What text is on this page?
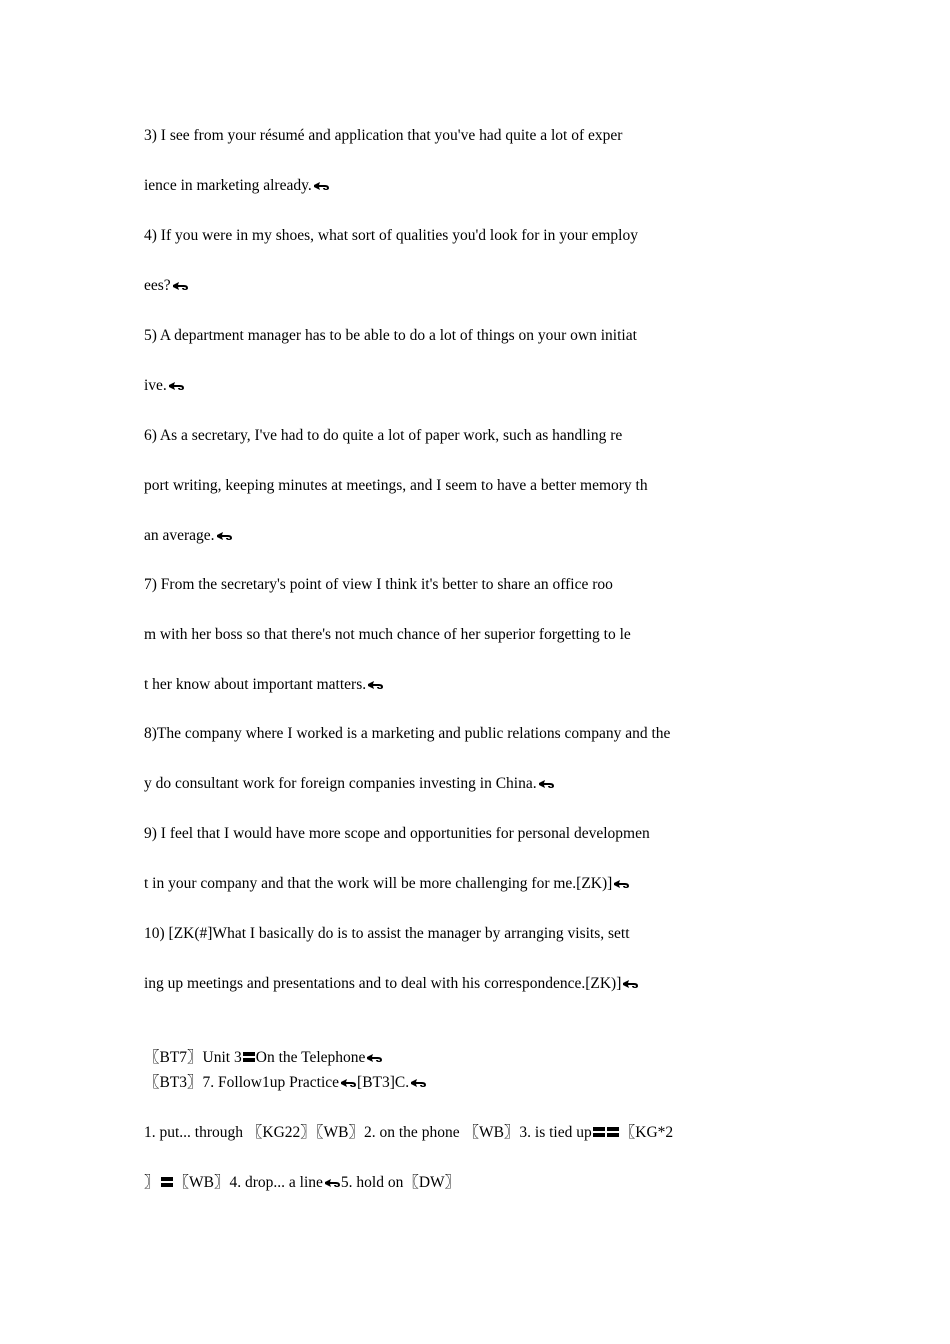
3) I see from your résumé and application that you've had quite a lot of exper
ience in marketing already.
4) If you were in my shoes, what sort of qualities you'd look for in your employ
ees?
5) A department manager has to be able to do a lot of things on your own initiat
ive.
6) As a secretary, I've had to do quite a lot of paper work, such as handling re
port writing, keeping minutes at meetings, and I seem to have a better memory th
an average.
7) From the secretary's point of view I think it's better to share an office roo
m with her boss so that there's not much chance of her superior forgetting to le
t her know about important matters.
8)The company where I worked is a marketing and public relations company and the
y do consultant work for foreign companies investing in China.
9) I feel that I would have more scope and opportunities for personal developmen
t in your company and that the work will be more challenging for me.[ZK)]
10) [ZK(#]What I basically do is to assist the manager by arranging visits, sett
ing up meetings and presentations and to deal with his correspondence.[ZK)]
〖BT7〗Unit 3 On the Telephone
〖BT3〗7. Follow1up Practice [BT3]C.
1. put... through 〖KG22〗〖WB〗2. on the phone 〖WB〗3. is tied up 〖KG*2
〗 〖WB〗4. drop... a line 5. hold on〖DW〗
